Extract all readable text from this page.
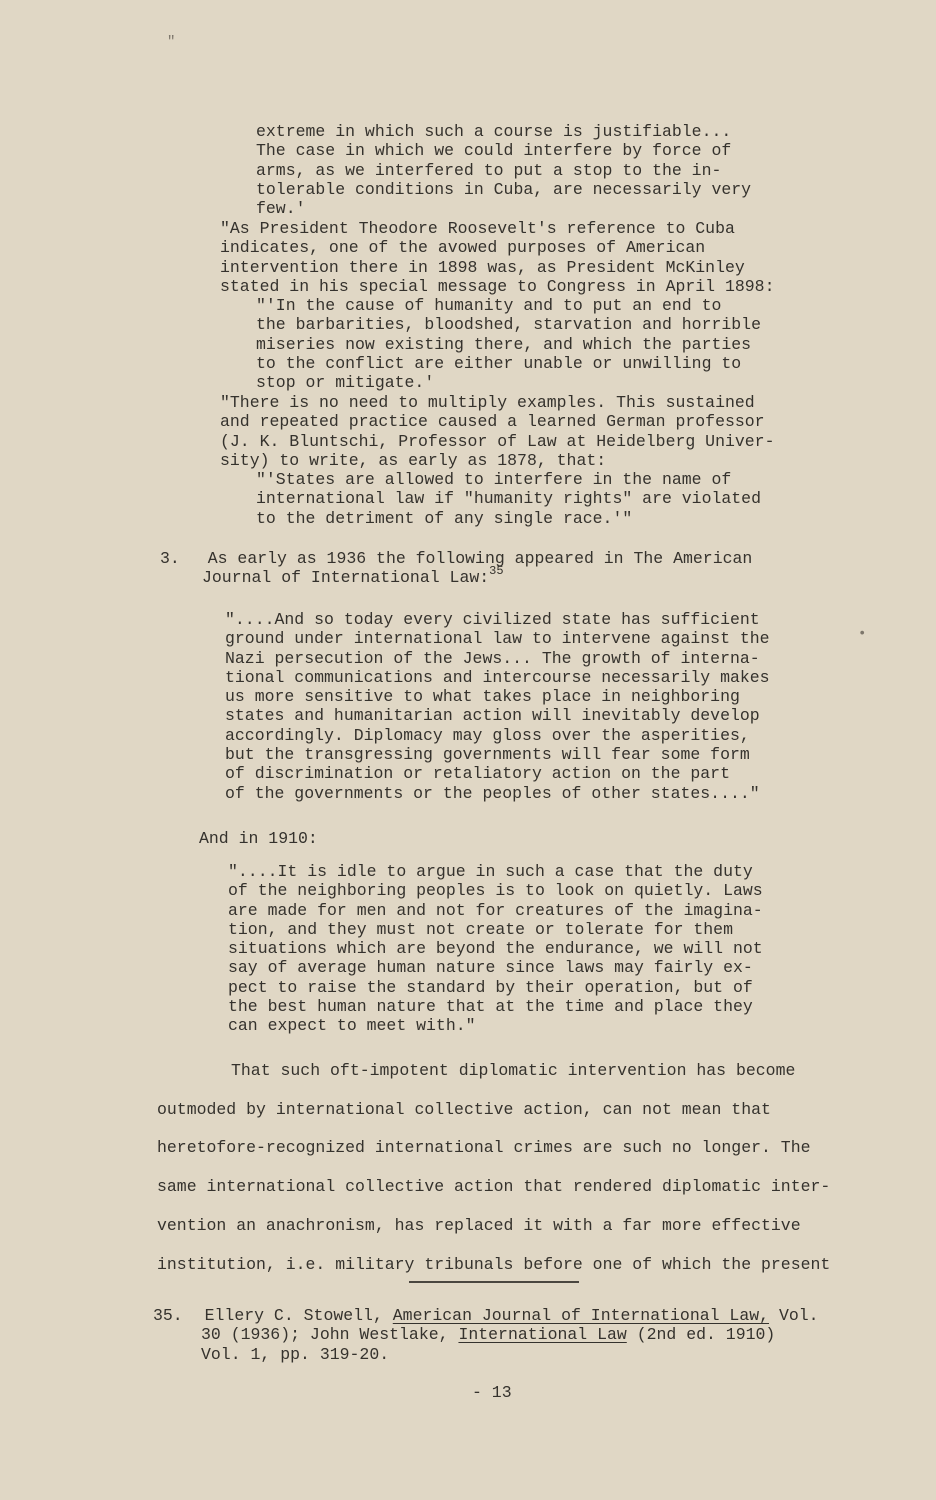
"
•
extreme in which such a course is justifiable...
The case in which we could interfere by force of
arms, as we interfered to put a stop to the in-
tolerable conditions in Cuba, are necessarily very
few.'
"As President Theodore Roosevelt's reference to Cuba
indicates, one of the avowed purposes of American
intervention there in 1898 was, as President McKinley
stated in his special message to Congress in April 1898:
"'In the cause of humanity and to put an end to
the barbarities, bloodshed, starvation and horrible
miseries now existing there, and which the parties
to the conflict are either unable or unwilling to
stop or mitigate.'
"There is no need to multiply examples. This sustained
and repeated practice caused a learned German professor
(J. K. Bluntschi, Professor of Law at Heidelberg Univer-
sity) to write, as early as 1878, that:
"'States are allowed to interfere in the name of
international law if "humanity rights" are violated
to the detriment of any single race.'"
3. As early as 1936 the following appeared in The American
Journal of International Law:$^{35}$
"....And so today every civilized state has sufficient
ground under international law to intervene against the
Nazi persecution of the Jews... The growth of interna-
tional communications and intercourse necessarily makes
us more sensitive to what takes place in neighboring
states and humanitarian action will inevitably develop
accordingly. Diplomacy may gloss over the asperities,
but the transgressing governments will fear some form
of discrimination or retaliatory action on the part
of the governments or the peoples of other states...."
And in 1910:
"....It is idle to argue in such a case that the duty
of the neighboring peoples is to look on quietly. Laws
are made for men and not for creatures of the imagina-
tion, and they must not create or tolerate for them
situations which are beyond the endurance, we will not
say of average human nature since laws may fairly ex-
pect to raise the standard by their operation, but of
the best human nature that at the time and place they
can expect to meet with."
That such oft-impotent diplomatic intervention has become
outmoded by international collective action, can not mean that
heretofore-recognized international crimes are such no longer. The
same international collective action that rendered diplomatic inter-
vention an anachronism, has replaced it with a far more effective
institution, i.e. military tribunals before one of which the present
35. Ellery C. Stowell, American Journal of International Law, Vol.
30 (1936); John Westlake, International Law (2nd ed. 1910)
Vol. 1, pp. 319-20.
- 13
